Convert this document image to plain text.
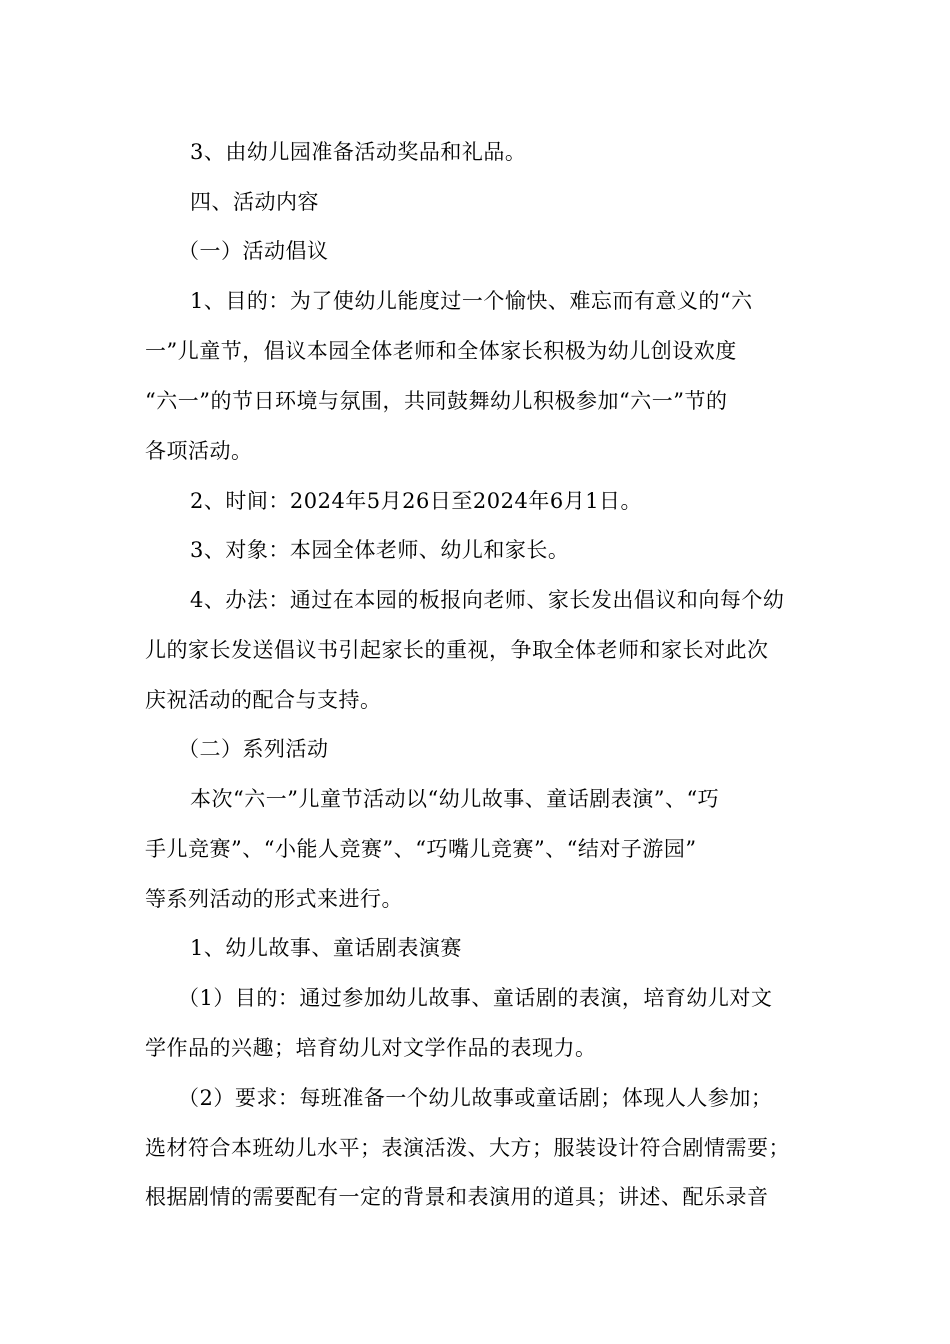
3、由幼儿园准备活动奖品和礼品。
四、活动内容
（一）活动倡议
1、目的：为了使幼儿能度过一个愉快、难忘而有意义的“六
一”儿童节，倡议本园全体老师和全体家长积极为幼儿创设欢度
“六一”的节日环境与氛围，共同鼓舞幼儿积极参加“六一”节的
各项活动。
2、时间：2024年5月26日至2024年6月1日。
3、对象：本园全体老师、幼儿和家长。
4、办法：通过在本园的板报向老师、家长发出倡议和向每个幼
儿的家长发送倡议书引起家长的重视，争取全体老师和家长对此次
庆祝活动的配合与支持。
（二）系列活动
本次“六一”儿童节活动以“幼儿故事、童话剧表演”、“巧
手儿竞赛”、“小能人竞赛”、“巧嘴儿竞赛”、“结对子游园”
等系列活动的形式来进行。
1、幼儿故事、童话剧表演赛
（1）目的：通过参加幼儿故事、童话剧的表演，培育幼儿对文
学作品的兴趣；培育幼儿对文学作品的表现力。
（2）要求：每班准备一个幼儿故事或童话剧；体现人人参加；
选材符合本班幼儿水平；表演活泼、大方；服装设计符合剧情需要；
根据剧情的需要配有一定的背景和表演用的道具；讲述、配乐录音
